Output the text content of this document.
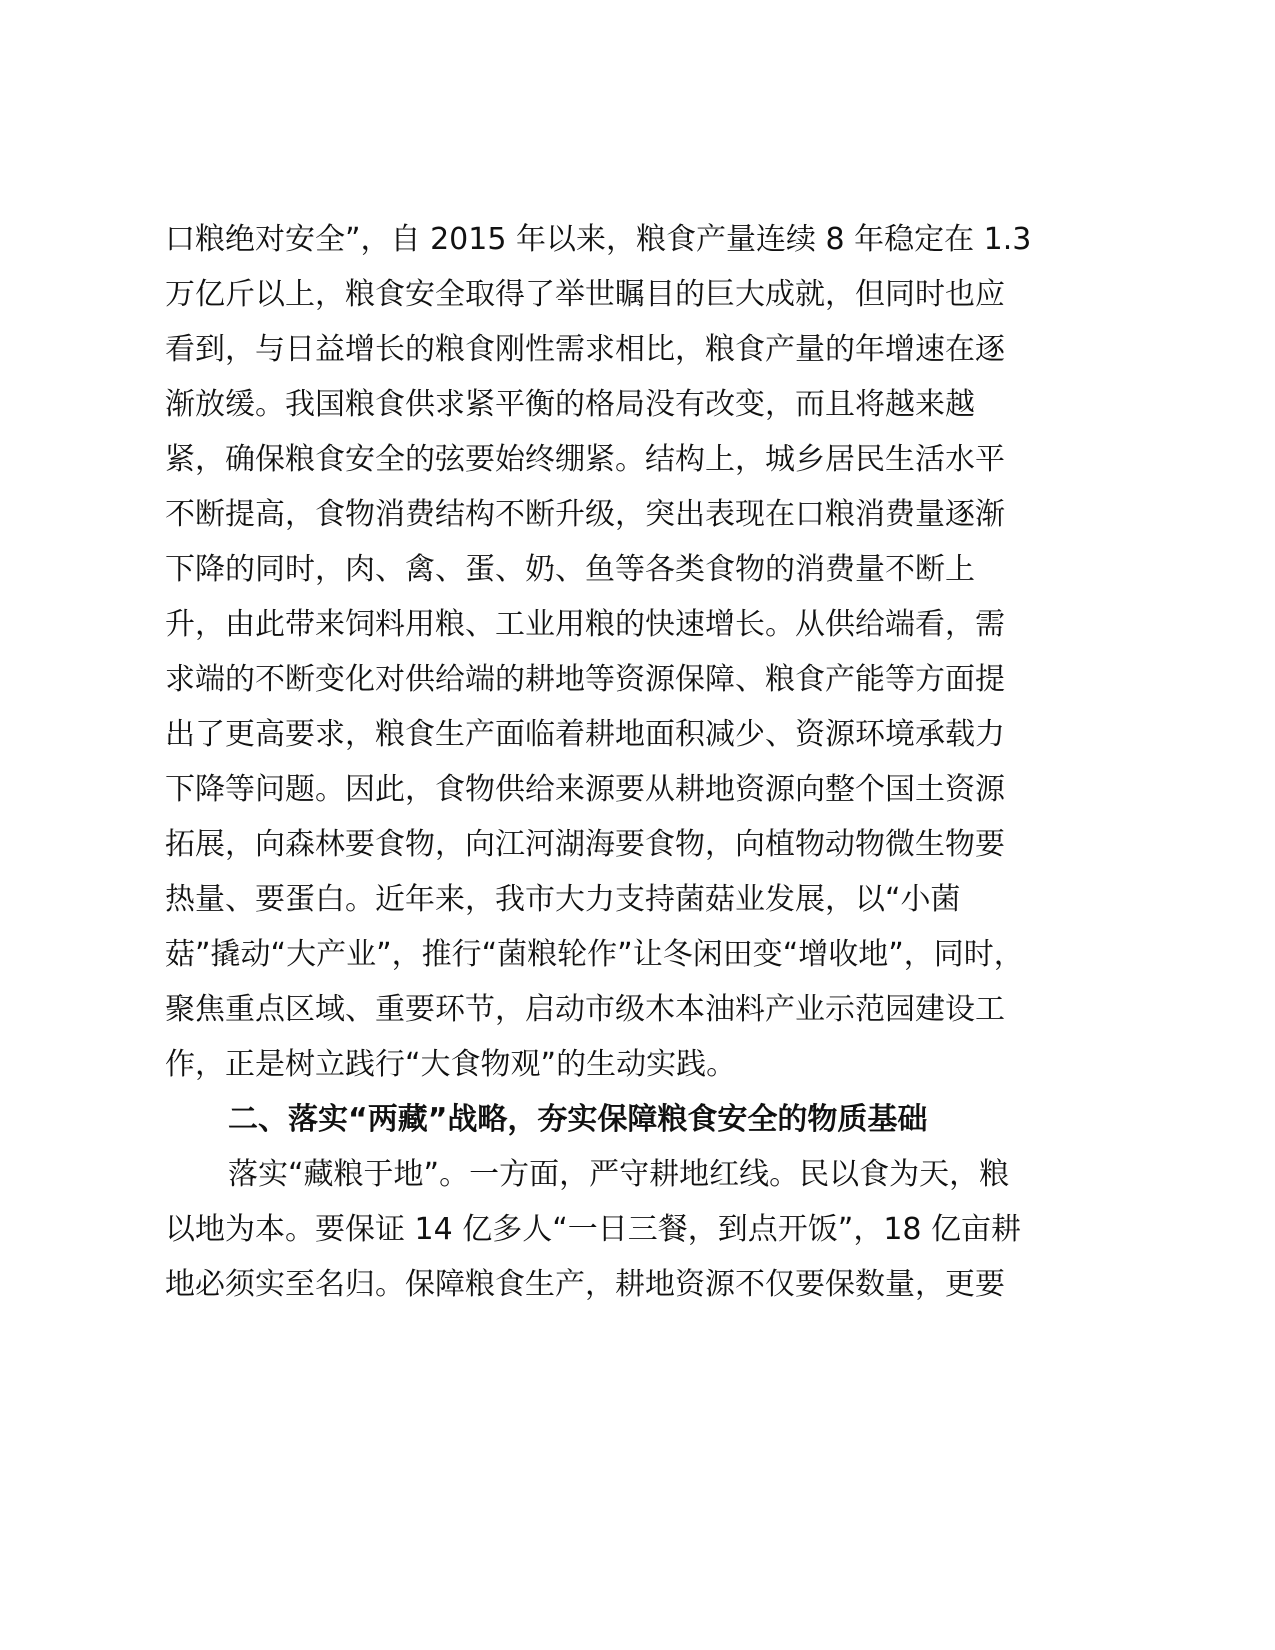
口粮绝对安全”，自 2015 年以来，粮食产量连续 8 年稳定在 1.3
万亿斤以上，粮食安全取得了举世瞩目的巨大成就，但同时也应
看到，与日益增长的粮食刚性需求相比，粮食产量的年增速在逐
渐放缓。我国粮食供求紧平衡的格局没有改变，而且将越来越
紧，确保粮食安全的弦要始终绷紧。结构上，城乡居民生活水平
不断提高，食物消费结构不断升级，突出表现在口粮消费量逐渐
下降的同时，肉、禽、蛋、奶、鱼等各类食物的消费量不断上
升，由此带来饲料用粮、工业用粮的快速增长。从供给端看，需
求端的不断变化对供给端的耕地等资源保障、粮食产能等方面提
出了更高要求，粮食生产面临着耕地面积减少、资源环境承载力
下降等问题。因此，食物供给来源要从耕地资源向整个国土资源
拓展，向森林要食物，向江河湖海要食物，向植物动物微生物要
热量、要蛋白。近年来，我市大力支持菌菇业发展，以“小菌
菇”撬动“大产业”，推行“菌粮轮作”让冬闲田变“增收地”，同时，
聚焦重点区域、重要环节，启动市级木本油料产业示范园建设工
作，正是树立践行“大食物观”的生动实践。
二、落实“两藏”战略，夯实保障粮食安全的物质基础
落实“藏粮于地”。一方面，严守耕地红线。民以食为天，粮
以地为本。要保证 14 亿多人“一日三餐，到点开饭”，18 亿亩耕
地必须实至名归。保障粮食生产，耕地资源不仅要保数量，更要
